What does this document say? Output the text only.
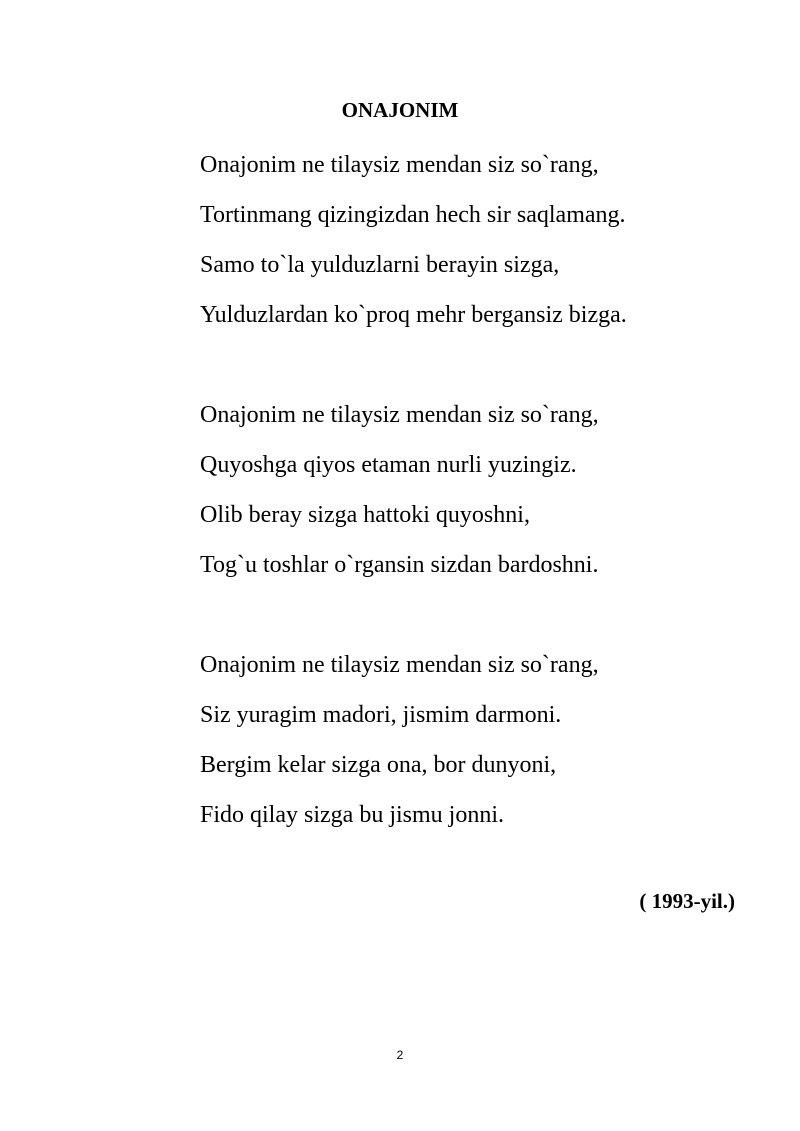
ONAJONIM
Onajonim ne tilaysiz mendan siz so`rang,
Tortinmang qizingizdan hech sir saqlamang.
Samo to`la yulduzlarni berayin sizga,
Yulduzlardan ko`proq mehr bergansiz bizga.
Onajonim ne tilaysiz mendan siz so`rang,
Quyoshga qiyos etaman nurli yuzingiz.
Olib beray sizga hattoki quyoshni,
Tog`u toshlar o`rgansin sizdan bardoshni.
Onajonim ne tilaysiz mendan siz so`rang,
Siz yuragim madori, jismim darmoni.
Bergim kelar sizga ona, bor dunyoni,
Fido qilay sizga bu jismu jonni.
( 1993-yil.)
2
